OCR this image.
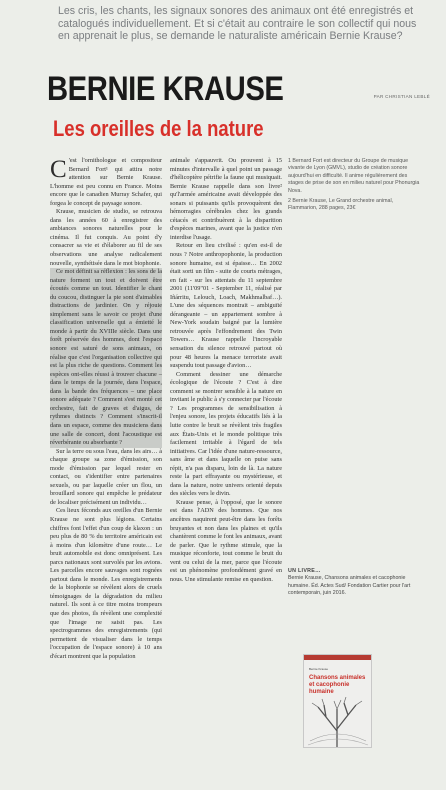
Les cris, les chants, les signaux sonores des animaux ont été enregistrés et catalogués individuellement. Et si c'était au contraire le son collectif qui nous en apprenait le plus, se demande le naturaliste américain Bernie Krause?
BERNIE KRAUSE	PAR CHRISTIAN LEBLÉ
Les oreilles de la nature

C 'est l'ornithologue et compositeur Bernard Fort¹ qui attira notre attention sur Bernie Krause. L'homme est peu connu en France. Moins encore que le canadien Murray Schafer, qui forgea le concept de paysage sonore.

Krause, musicien de studio, se retrouva dans les années 60 à enregistrer des ambiances sonores naturelles pour le cinéma. Il fut conquis. Au point d'y consacrer sa vie et d'élaborer au fil de ses observations une analyse radicalement nouvelle, synthétisée dans le mot biophonie.

Ce mot définit sa réflexion : les sons de la nature forment un tout et doivent être écoutés comme un tout. Identifier le chant du coucou, distinguer la pie sont d'aimables distractions de jardinier. On y réjouie simplement sans le savoir ce projet d'une classification universelle qui a émietté le monde à partir du XVIIIe siècle. Dans une forêt préservée des hommes, dont l'espace sonore est saturé de sons animaux, on réalise que c'est l'organisation collective qui est la plus riche de questions. Comment les espèces ont-elles réussi à trouver chacune – dans le temps de la journée, dans l'espace, dans la bande des fréquences – une place sonore adéquate ? Comment s'est monté cet orchestre, fait de graves et d'aigus, de rythmes distincts ? Comment s'inscrit-il dans un espace, comme des musiciens dans une salle de concert, dont l'acoustique est réverbérante ou absorbante ?

Sur la terre ou sous l'eau, dans les airs… à chaque groupe sa zone d'émission, son mode d'émission par lequel rester en contact, ou s'identifier entre partenaires sexuels, ou par laquelle créer un flou, un brouillard sonore qui empêche le prédateur de localiser précisément un individu…

Ces lieux féconds aux oreilles d'un Bernie Krause ne sont plus légions. Certains chiffres font l'effet d'un coup de klaxon : un peu plus de 80 % du territoire américain est à moins d'un kilomètre d'une route… Le bruit automobile est donc omniprésent. Les parcs nationaux sont survolés par les avions. Les parcelles encore sauvages sont rognées partout dans le monde. Les enregistrements de la biophonie se révèlent alors de cruels témoignages de la dégradation du milieu naturel. Ils sont à ce titre moins trompeurs que des photos, ils révèlent une complexité que l'image ne saisit pas. Les spectrogrammes des enregistrements (qui permettent de visualiser dans le temps l'occupation de l'espace sonore) à 10 ans d'écart montrent que la population

animale s'appauvrit. Ou prouvent à 15 minutes d'intervalle à quel point un passage d'hélicoptère pétrifie la faune qui musiquait. Bernie Krause rappelle dans son livre² qu'l'armée américaine avait développée des sonars si puissants qu'ils provoquèrent des hémorragies cérébrales chez les grands cétacés et contribuèrent à la disparition d'espèces marines, avant que la justice n'en interdise l'usage.

Retour en lieu civilisé : qu'en est-il de nous ? Notre anthropophonie, la production sonore humaine, est si épaisse… En 2002 était sorti un film - suite de courts métrages, en fait - sur les attentats du 11 septembre 2001 (11'09"01 - September 11, réalisé par Iñárritu, Lelouch, Loach, Makhmalbaf…). L'une des séquences montrait – ambiguïté dérangeante – un appartement sombre à New-York soudain baigné par la lumière retrouvée après l'effondrement des Twin Towers… Krause rappelle l'incroyable sensation du silence retrouvé partout où pour 48 heures la menace terroriste avait suspendu tout passage d'avion…

Comment dessiner une démarche écologique de l'écoute ? C'est à dire comment se montrer sensible à la nature en invitant le public à s'y connecter par l'écoute ? Les programmes de sensibilisation à l'enjeu sonore, les projets éducatifs liés à la lutte contre le bruit se révèlent très fragiles aux États-Unis et le monde politique très facilement irritable à l'égard de tels initiatives. Car l'idée d'une nature-ressource, sans âme et dans laquelle on puise sans répit, n'a pas disparu, loin de là. La nature reste la part effrayante ou mystérieuse, et dans la nature, notre univers orienté depuis des siècles vers le divin.

Krause pense, à l'opposé, que le sonore est dans l'ADN des hommes. Que nos ancêtres naquirent peut-être dans les forêts bruyantes et non dans les plaines et qu'ils chantèrent comme le font les animaux, avant de parler. Que le rythme stimule, que la musique réconforte, tout comme le bruit du vent ou celui de la mer, parce que l'écoute est un phénomène profondément gravé en nous. Une stimulante remise en question.

1 Bernard Fort est directeur du Groupe de musique vivante de Lyon (GMVL), studio de création sonore aujourd'hui en difficulté. Il anime régulièrement des stages de prise de son en milieu naturel pour Phonurgia Nova.

2 Bernie Krause, Le Grand orchestre animal, Flammarion, 288 pages, 23€

UN LIVRE…
Bernie Krause, Chansons animales et cacophonie humaine. Éd. Actes Sud/ Fondation Cartier pour l'art contemporain, juin 2016.
Bernie Krause
Chansons animales et cacophonie humaine
